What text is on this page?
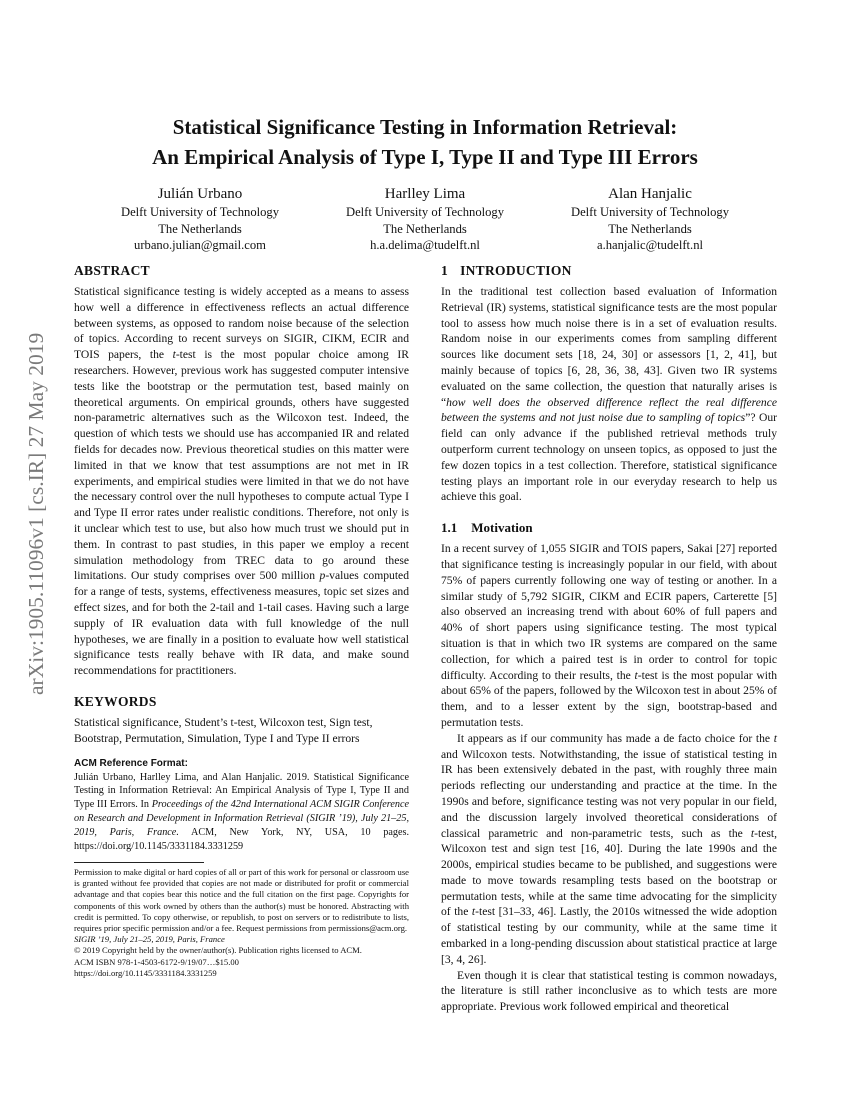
arXiv:1905.11096v1 [cs.IR] 27 May 2019
Statistical Significance Testing in Information Retrieval:
An Empirical Analysis of Type I, Type II and Type III Errors
Julián Urbano
Delft University of Technology
The Netherlands
urbano.julian@gmail.com
Harlley Lima
Delft University of Technology
The Netherlands
h.a.delima@tudelft.nl
Alan Hanjalic
Delft University of Technology
The Netherlands
a.hanjalic@tudelft.nl
ABSTRACT

Statistical significance testing is widely accepted as a means to assess how well a difference in effectiveness reflects an actual difference between systems, as opposed to random noise because of the selection of topics. According to recent surveys on SIGIR, CIKM, ECIR and TOIS papers, the t-test is the most popular choice among IR researchers. However, previous work has suggested computer intensive tests like the bootstrap or the permutation test, based mainly on theoretical arguments. On empirical grounds, others have suggested non-parametric alternatives such as the Wilcoxon test. Indeed, the question of which tests we should use has accompanied IR and related fields for decades now. Previous theoretical studies on this matter were limited in that we know that test assumptions are not met in IR experiments, and empirical studies were limited in that we do not have the necessary control over the null hypotheses to compute actual Type I and Type II error rates under realistic conditions. Therefore, not only is it unclear which test to use, but also how much trust we should put in them. In contrast to past studies, in this paper we employ a recent simulation methodology from TREC data to go around these limitations. Our study comprises over 500 million p-values computed for a range of tests, systems, effectiveness measures, topic set sizes and effect sizes, and for both the 2-tail and 1-tail cases. Having such a large supply of IR evaluation data with full knowledge of the null hypotheses, we are finally in a position to evaluate how well statistical significance tests really behave with IR data, and make sound recommendations for practitioners.

KEYWORDS

Statistical significance, Student’s t-test, Wilcoxon test, Sign test, Bootstrap, Permutation, Simulation, Type I and Type II errors

ACM Reference Format:

Julián Urbano, Harlley Lima, and Alan Hanjalic. 2019. Statistical Significance Testing in Information Retrieval: An Empirical Analysis of Type I, Type II and Type III Errors. In Proceedings of the 42nd International ACM SIGIR Conference on Research and Development in Information Retrieval (SIGIR ’19), July 21–25, 2019, Paris, France. ACM, New York, NY, USA, 10 pages. https://doi.org/10.1145/3331184.3331259

Permission to make digital or hard copies of all or part of this work for personal or classroom use is granted without fee provided that copies are not made or distributed for profit or commercial advantage and that copies bear this notice and the full citation on the first page. Copyrights for components of this work owned by others than the author(s) must be honored. Abstracting with credit is permitted. To copy otherwise, or republish, to post on servers or to redistribute to lists, requires prior specific permission and/or a fee. Request permissions from permissions@acm.org.

SIGIR ’19, July 21–25, 2019, Paris, France

© 2019 Copyright held by the owner/author(s). Publication rights licensed to ACM.

ACM ISBN 978-1-4503-6172-9/19/07…$15.00

https://doi.org/10.1145/3331184.3331259

1 INTRODUCTION

In the traditional test collection based evaluation of Information Retrieval (IR) systems, statistical significance tests are the most popular tool to assess how much noise there is in a set of evaluation results. Random noise in our experiments comes from sampling different sources like document sets [18, 24, 30] or assessors [1, 2, 41], but mainly because of topics [6, 28, 36, 38, 43]. Given two IR systems evaluated on the same collection, the question that naturally arises is “how well does the observed difference reflect the real difference between the systems and not just noise due to sampling of topics”? Our field can only advance if the published retrieval methods truly outperform current technology on unseen topics, as opposed to just the few dozen topics in a test collection. Therefore, statistical significance testing plays an important role in our everyday research to help us achieve this goal.

1.1 Motivation

In a recent survey of 1,055 SIGIR and TOIS papers, Sakai [27] reported that significance testing is increasingly popular in our field, with about 75% of papers currently following one way of testing or another. In a similar study of 5,792 SIGIR, CIKM and ECIR papers, Carterette [5] also observed an increasing trend with about 60% of full papers and 40% of short papers using significance testing. The most typical situation is that in which two IR systems are compared on the same collection, for which a paired test is in order to control for topic difficulty. According to their results, the t-test is the most popular with about 65% of the papers, followed by the Wilcoxon test in about 25% of them, and to a lesser extent by the sign, bootstrap-based and permutation tests.

It appears as if our community has made a de facto choice for the t and Wilcoxon tests. Notwithstanding, the issue of statistical testing in IR has been extensively debated in the past, with roughly three main periods reflecting our understanding and practice at the time. In the 1990s and before, significance testing was not very popular in our field, and the discussion largely involved theoretical considerations of classical parametric and non-parametric tests, such as the t-test, Wilcoxon test and sign test [16, 40]. During the late 1990s and the 2000s, empirical studies became to be published, and suggestions were made to move towards resampling tests based on the bootstrap or permutation tests, while at the same time advocating for the simplicity of the t-test [31–33, 46]. Lastly, the 2010s witnessed the wide adoption of statistical testing by our community, while at the same time it embarked in a long-pending discussion about statistical practice at large [3, 4, 26].

Even though it is clear that statistical testing is common nowadays, the literature is still rather inconclusive as to which tests are more appropriate. Previous work followed empirical and theoretical
